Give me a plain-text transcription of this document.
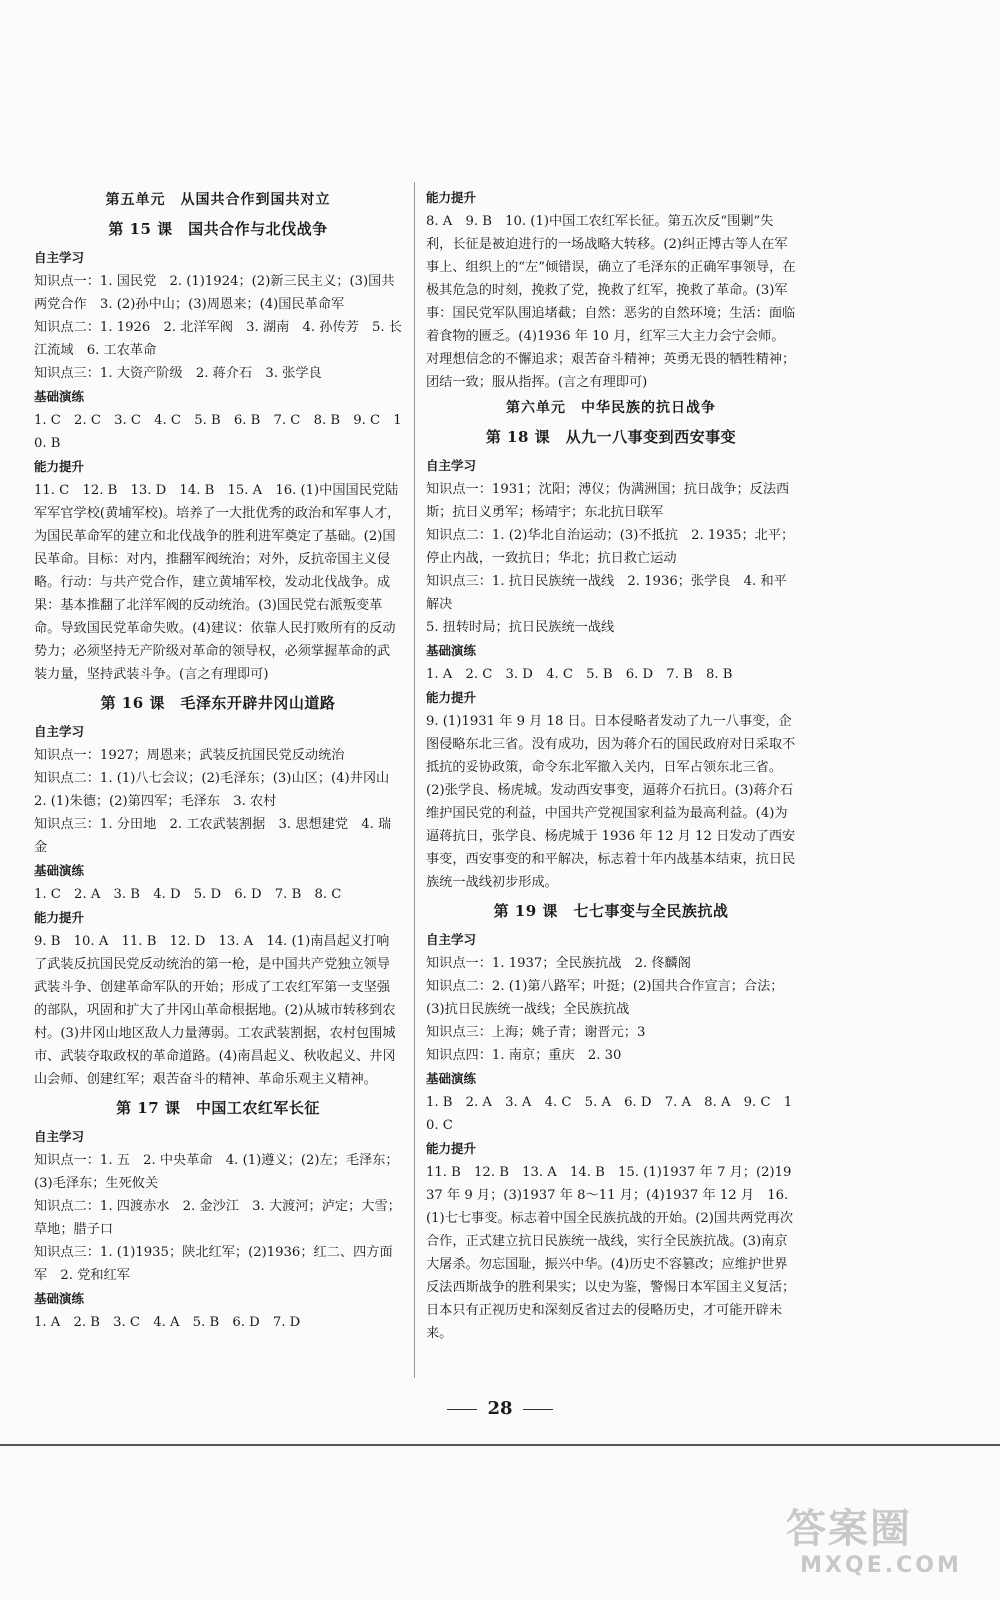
第五单元　从国共合作到国共对立
第 15 课　国共合作与北伐战争
自主学习

知识点一：1. 国民党　2. (1)1924；(2)新三民主义；(3)国共两党合作　3. (2)孙中山；(3)周恩来；(4)国民革命军

知识点二：1. 1926　2. 北洋军阀　3. 湖南　4. 孙传芳　5. 长江流域　6. 工农革命

知识点三：1. 大资产阶级　2. 蒋介石　3. 张学良

基础演练

1. C　2. C　3. C　4. C　5. B　6. B　7. C　8. B　9. C　10. B

能力提升

11. C　12. B　13. D　14. B　15. A　16. (1)中国国民党陆军军官学校(黄埔军校)。培养了一大批优秀的政治和军事人才，为国民革命军的建立和北伐战争的胜利进军奠定了基础。(2)国民革命。目标：对内，推翻军阀统治；对外，反抗帝国主义侵略。行动：与共产党合作，建立黄埔军校，发动北伐战争。成果：基本推翻了北洋军阀的反动统治。(3)国民党右派叛变革命。导致国民党革命失败。(4)建议：依靠人民打败所有的反动势力；必须坚持无产阶级对革命的领导权，必须掌握革命的武装力量，坚持武装斗争。(言之有理即可)

第 16 课　毛泽东开辟井冈山道路
自主学习

知识点一：1927；周恩来；武装反抗国民党反动统治

知识点二：1. (1)八七会议；(2)毛泽东；(3)山区；(4)井冈山

2. (1)朱德；(2)第四军；毛泽东　3. 农村

知识点三：1. 分田地　2. 工农武装割据　3. 思想建党　4. 瑞金

基础演练

1. C　2. A　3. B　4. D　5. D　6. D　7. B　8. C

能力提升

9. B　10. A　11. B　12. D　13. A　14. (1)南昌起义打响了武装反抗国民党反动统治的第一枪，是中国共产党独立领导武装斗争、创建革命军队的开始；形成了工农红军第一支坚强的部队，巩固和扩大了井冈山革命根据地。(2)从城市转移到农村。(3)井冈山地区敌人力量薄弱。工农武装割据，农村包围城市、武装夺取政权的革命道路。(4)南昌起义、秋收起义、井冈山会师、创建红军；艰苦奋斗的精神、革命乐观主义精神。

第 17 课　中国工农红军长征
自主学习

知识点一：1. 五　2. 中央革命　4. (1)遵义；(2)左；毛泽东；(3)毛泽东；生死攸关

知识点二：1. 四渡赤水　2. 金沙江　3. 大渡河；泸定；大雪；草地；腊子口

知识点三：1. (1)1935；陕北红军；(2)1936；红二、四方面军　2. 党和红军

基础演练

1. A　2. B　3. C　4. A　5. B　6. D　7. D

能力提升

8. A　9. B　10. (1)中国工农红军长征。第五次反“围剿”失利，长征是被迫进行的一场战略大转移。(2)纠正博古等人在军事上、组织上的“左”倾错误，确立了毛泽东的正确军事领导，在极其危急的时刻，挽救了党，挽救了红军，挽救了革命。(3)军事：国民党军队围追堵截；自然：恶劣的自然环境；生活：面临着食物的匮乏。(4)1936 年 10 月，红军三大主力会宁会师。对理想信念的不懈追求；艰苦奋斗精神；英勇无畏的牺牲精神；团结一致；服从指挥。(言之有理即可)

第六单元　中华民族的抗日战争
第 18 课　从九一八事变到西安事变
自主学习

知识点一：1931；沈阳；溥仪；伪满洲国；抗日战争；反法西斯；抗日义勇军；杨靖宇；东北抗日联军

知识点二：1. (2)华北自治运动；(3)不抵抗　2. 1935；北平；停止内战，一致抗日；华北；抗日救亡运动

知识点三：1. 抗日民族统一战线　2. 1936；张学良　4. 和平解决

5. 扭转时局；抗日民族统一战线

基础演练

1. A　2. C　3. D　4. C　5. B　6. D　7. B　8. B

能力提升

9. (1)1931 年 9 月 18 日。日本侵略者发动了九一八事变，企图侵略东北三省。没有成功，因为蒋介石的国民政府对日采取不抵抗的妥协政策，命令东北军撤入关内，日军占领东北三省。(2)张学良、杨虎城。发动西安事变，逼蒋介石抗日。(3)蒋介石维护国民党的利益，中国共产党视国家利益为最高利益。(4)为逼蒋抗日，张学良、杨虎城于 1936 年 12 月 12 日发动了西安事变，西安事变的和平解决，标志着十年内战基本结束，抗日民族统一战线初步形成。

第 19 课　七七事变与全民族抗战
自主学习

知识点一：1. 1937；全民族抗战　2. 佟麟阁

知识点二：2. (1)第八路军；叶挺；(2)国共合作宣言；合法；(3)抗日民族统一战线；全民族抗战

知识点三：上海；姚子青；谢晋元；3

知识点四：1. 南京；重庆　2. 30

基础演练

1. B　2. A　3. A　4. C　5. A　6. D　7. A　8. A　9. C　10. C

能力提升

11. B　12. B　13. A　14. B　15. (1)1937 年 7 月；(2)1937 年 9 月；(3)1937 年 8～11 月；(4)1937 年 12 月　16. (1)七七事变。标志着中国全民族抗战的开始。(2)国共两党再次合作，正式建立抗日民族统一战线，实行全民族抗战。(3)南京大屠杀。勿忘国耻，振兴中华。(4)历史不容篡改；应维护世界反法西斯战争的胜利果实；以史为鉴，警惕日本军国主义复活；日本只有正视历史和深刻反省过去的侵略历史，才可能开辟未来。

28
答案圈
MXQE.COM
